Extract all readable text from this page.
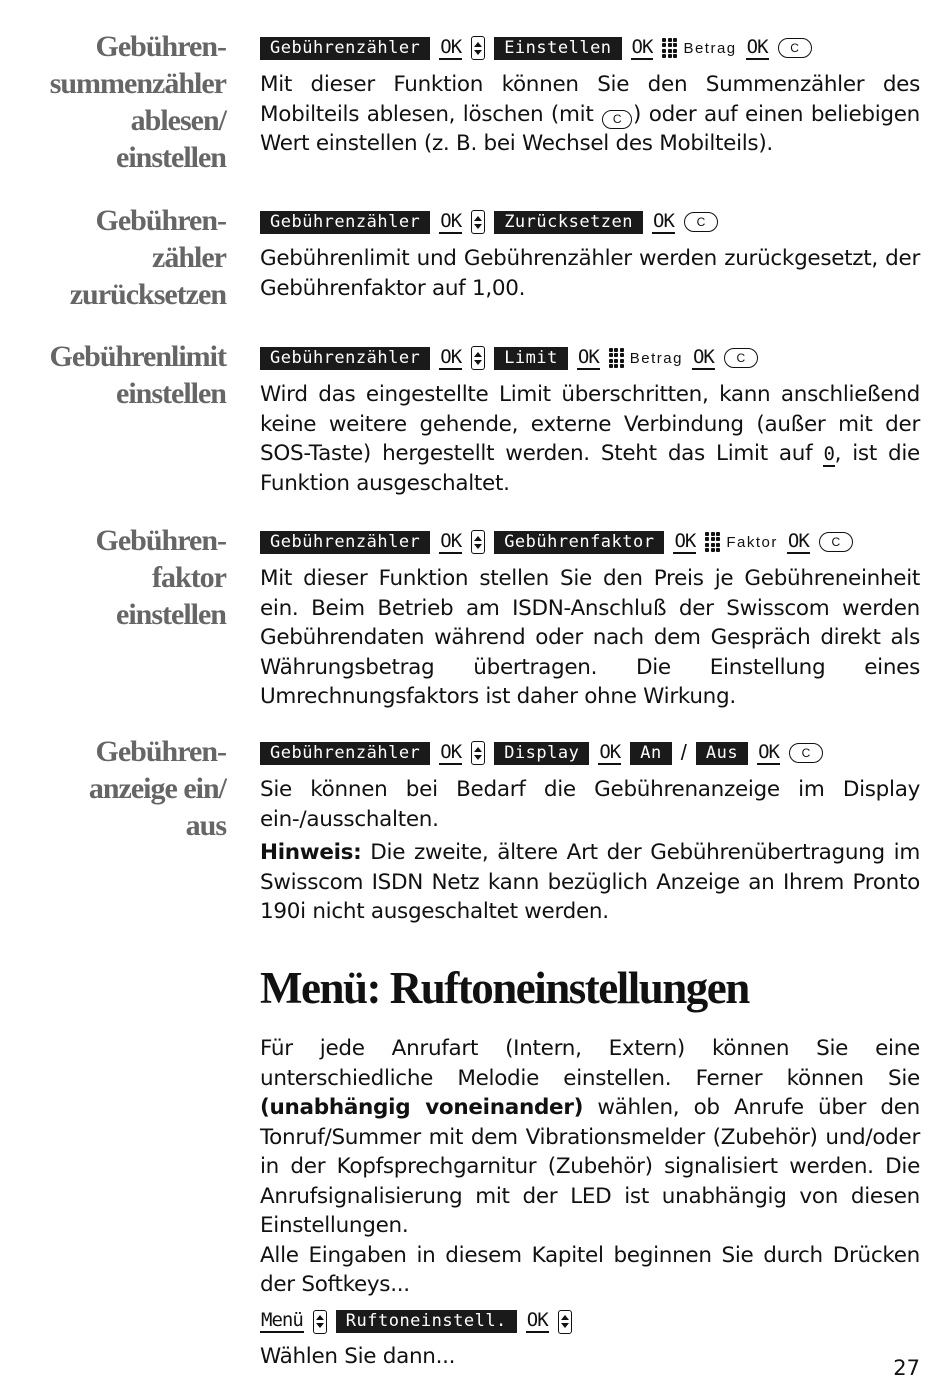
Gebühren-
summenzähler
ablesen/
einstellen
Gebührenzähler	OK	Einstellen	OK Betrag OK	C

Mit dieser Funktion können Sie den Summenzähler des Mobilteils ablesen, löschen (mit C ) oder auf einen beliebigen Wert einstellen (z. B. bei Wechsel des Mobilteils).

Gebühren-
zähler
zurücksetzen
Gebührenzähler	OK	Zurücksetzen	OK	C

Gebührenlimit und Gebührenzähler werden zurückgesetzt, der Gebührenfaktor auf 1,00.

Gebührenlimit
einstellen
Gebührenzähler	OK	Limit	OK Betrag OK	C

Wird das eingestellte Limit überschritten, kann anschließend keine weitere gehende, externe Verbindung (außer mit der SOS-Taste) hergestellt werden. Steht das Limit auf 0, ist die Funktion ausgeschaltet.

Gebühren-
faktor
einstellen
Gebührenzähler	OK	Gebührenfaktor	OK Faktor OK	C

Mit dieser Funktion stellen Sie den Preis je Gebühreneinheit ein. Beim Betrieb am ISDN-Anschluß der Swisscom werden Gebührendaten während oder nach dem Gespräch direkt als Währungsbetrag übertragen. Die Einstellung eines Umrechnungsfaktors ist daher ohne Wirkung.

Gebühren-
anzeige ein/
aus
Gebührenzähler	OK	Display	OK	An /	Aus	OK	C

Sie können bei Bedarf die Gebührenanzeige im Display ein-/ausschalten.

Hinweis: Die zweite, ältere Art der Gebührenübertragung im Swisscom ISDN Netz kann bezüglich Anzeige an Ihrem Pronto 190i nicht ausgeschaltet werden.

Menü: Ruftoneinstellungen

Für jede Anrufart (Intern, Extern) können Sie eine unterschiedliche Melodie einstellen. Ferner können Sie (unabhängig voneinander) wählen, ob Anrufe über den Tonruf/Summer mit dem Vibrationsmelder (Zubehör) und/oder in der Kopfsprechgarnitur (Zubehör) signalisiert werden. Die Anrufsignalisierung mit der LED ist unabhängig von diesen Einstellungen.

Alle Eingaben in diesem Kapitel beginnen Sie durch Drücken der Softkeys...

Menü	Ruftoneinstell.	OK

Wählen Sie dann...	27
